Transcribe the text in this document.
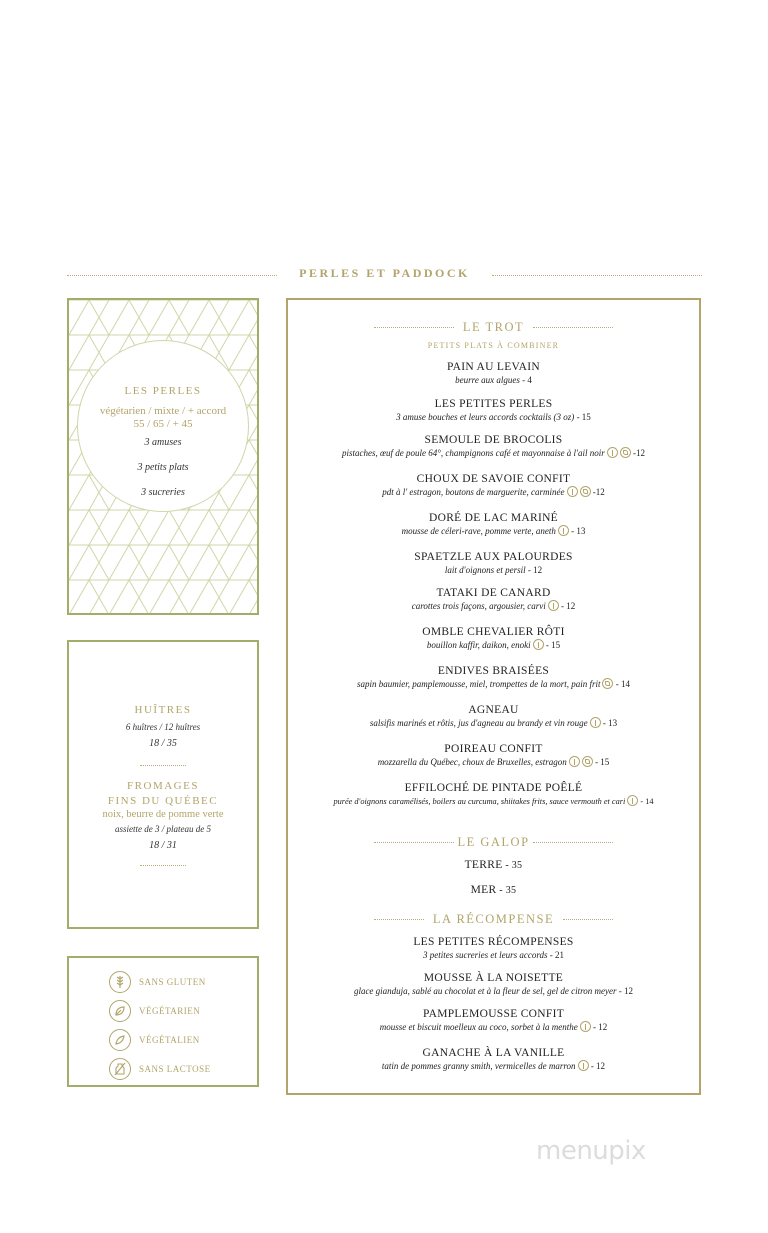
PERLES ET PADDOCK
LES PERLES
végétarien / mixte / + accord
55 / 65 / + 45
3 amuses
3 petits plats
3 sucreries
HUÎTRES
6 huîtres / 12 huîtres
18 / 35
FROMAGES
FINS DU QUÉBEC
noix, beurre de pomme verte
assiette de 3 / plateau de 5
18 / 31
SANS GLUTEN
VÉGÉTARIEN
VÉGÉTALIEN
SANS LACTOSE
LE TROT
PETITS PLATS À COMBINER
PAIN AU LEVAIN
beurre aux algues - 4
LES PETITES PERLES
3 amuse bouches et leurs accords cocktails (3 oz) - 15
SEMOULE DE BROCOLIS
pistaches, œuf de poule 64°, champignons café et mayonnaise à l'ail noir	-12
CHOUX DE SAVOIE CONFIT
pdt à l' estragon, boutons de marguerite, carminée	-12
DORÉ DE LAC MARINÉ
mousse de céleri-rave, pomme verte, aneth - 13
SPAETZLE AUX PALOURDES
lait d'oignons et persil - 12
TATAKI DE CANARD
carottes trois façons, argousier, carvi - 12
OMBLE CHEVALIER RÔTI
bouillon kaffir, daikon, enoki - 15
ENDIVES BRAISÉES
sapin baumier, pamplemousse, miel, trompettes de la mort, pain frit - 14
AGNEAU
salsifis marinés et rôtis, jus d'agneau au brandy et vin rouge - 13
POIREAU CONFIT
mozzarella du Québec, choux de Bruxelles, estragon	- 15
EFFILOCHÉ DE PINTADE POÊLÉ
purée d'oignons caramélisés, boilers au curcuma, shiitakes frits, sauce vermouth et cari - 14
LE GALOP
TERRE - 35
MER - 35
LA RÉCOMPENSE
LES PETITES RÉCOMPENSES
3 petites sucreries et leurs accords - 21
MOUSSE À LA NOISETTE
glace gianduja, sablé au chocolat et à la fleur de sel, gel de citron meyer - 12
PAMPLEMOUSSE CONFIT
mousse et biscuit moelleux au coco, sorbet à la menthe - 12
GANACHE À LA VANILLE
tatin de pommes granny smith, vermicelles de marron - 12
menupix
